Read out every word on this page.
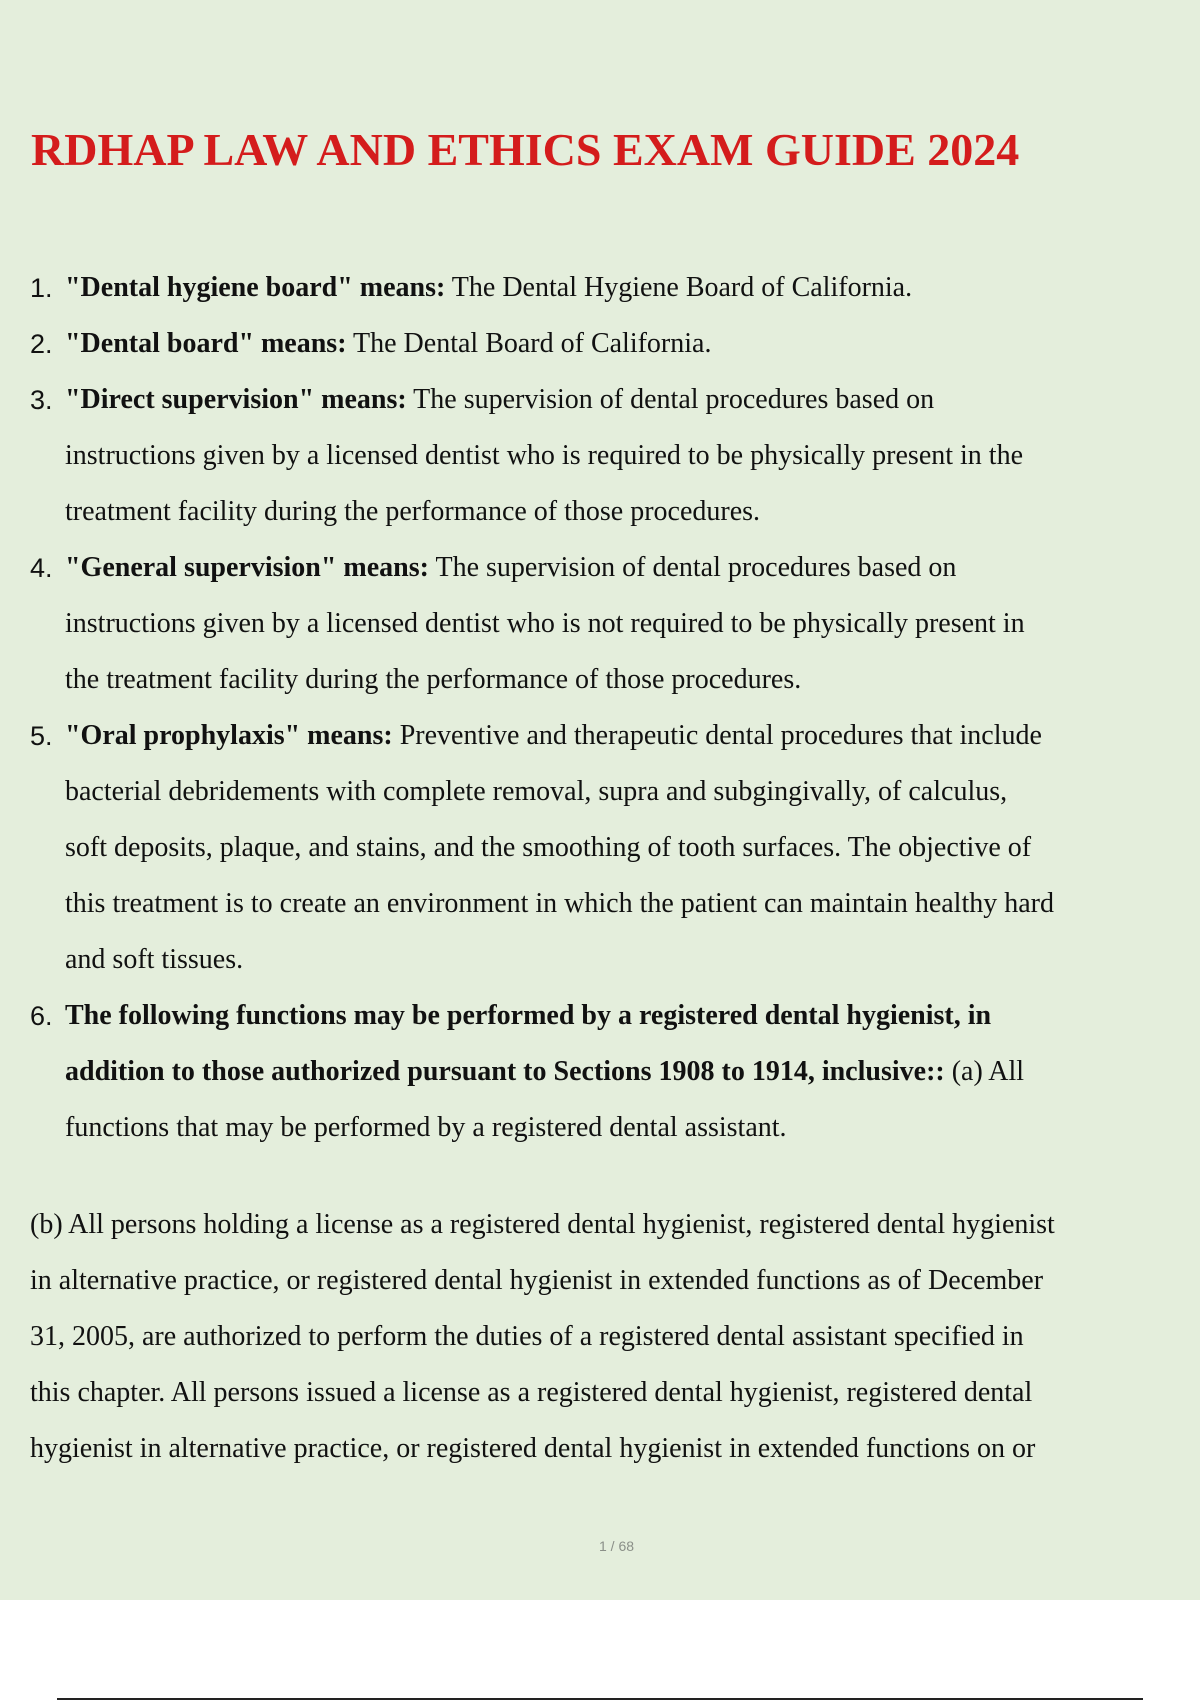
RDHAP LAW AND ETHICS EXAM GUIDE 2024
1. "Dental hygiene board" means: The Dental Hygiene Board of California.
2. "Dental board" means: The Dental Board of California.
3. "Direct supervision" means: The supervision of dental procedures based on
instructions given by a licensed dentist who is required to be physically present in the
treatment facility during the performance of those procedures.
4. "General supervision" means: The supervision of dental procedures based on
instructions given by a licensed dentist who is not required to be physically present in
the treatment facility during the performance of those procedures.
5. "Oral prophylaxis" means: Preventive and therapeutic dental procedures that include
bacterial debridements with complete removal, supra and subgingivally, of calculus,
soft deposits, plaque, and stains, and the smoothing of tooth surfaces. The objective of
this treatment is to create an environment in which the patient can maintain healthy hard
and soft tissues.
6. The following functions may be performed by a registered dental hygienist, in
addition to those authorized pursuant to Sections 1908 to 1914, inclusive:: (a) All
functions that may be performed by a registered dental assistant.

(b) All persons holding a license as a registered dental hygienist, registered dental hygienist
in alternative practice, or registered dental hygienist in extended functions as of December
31, 2005, are authorized to perform the duties of a registered dental assistant specified in
this chapter. All persons issued a license as a registered dental hygienist, registered dental
hygienist in alternative practice, or registered dental hygienist in extended functions on or

1 / 68
